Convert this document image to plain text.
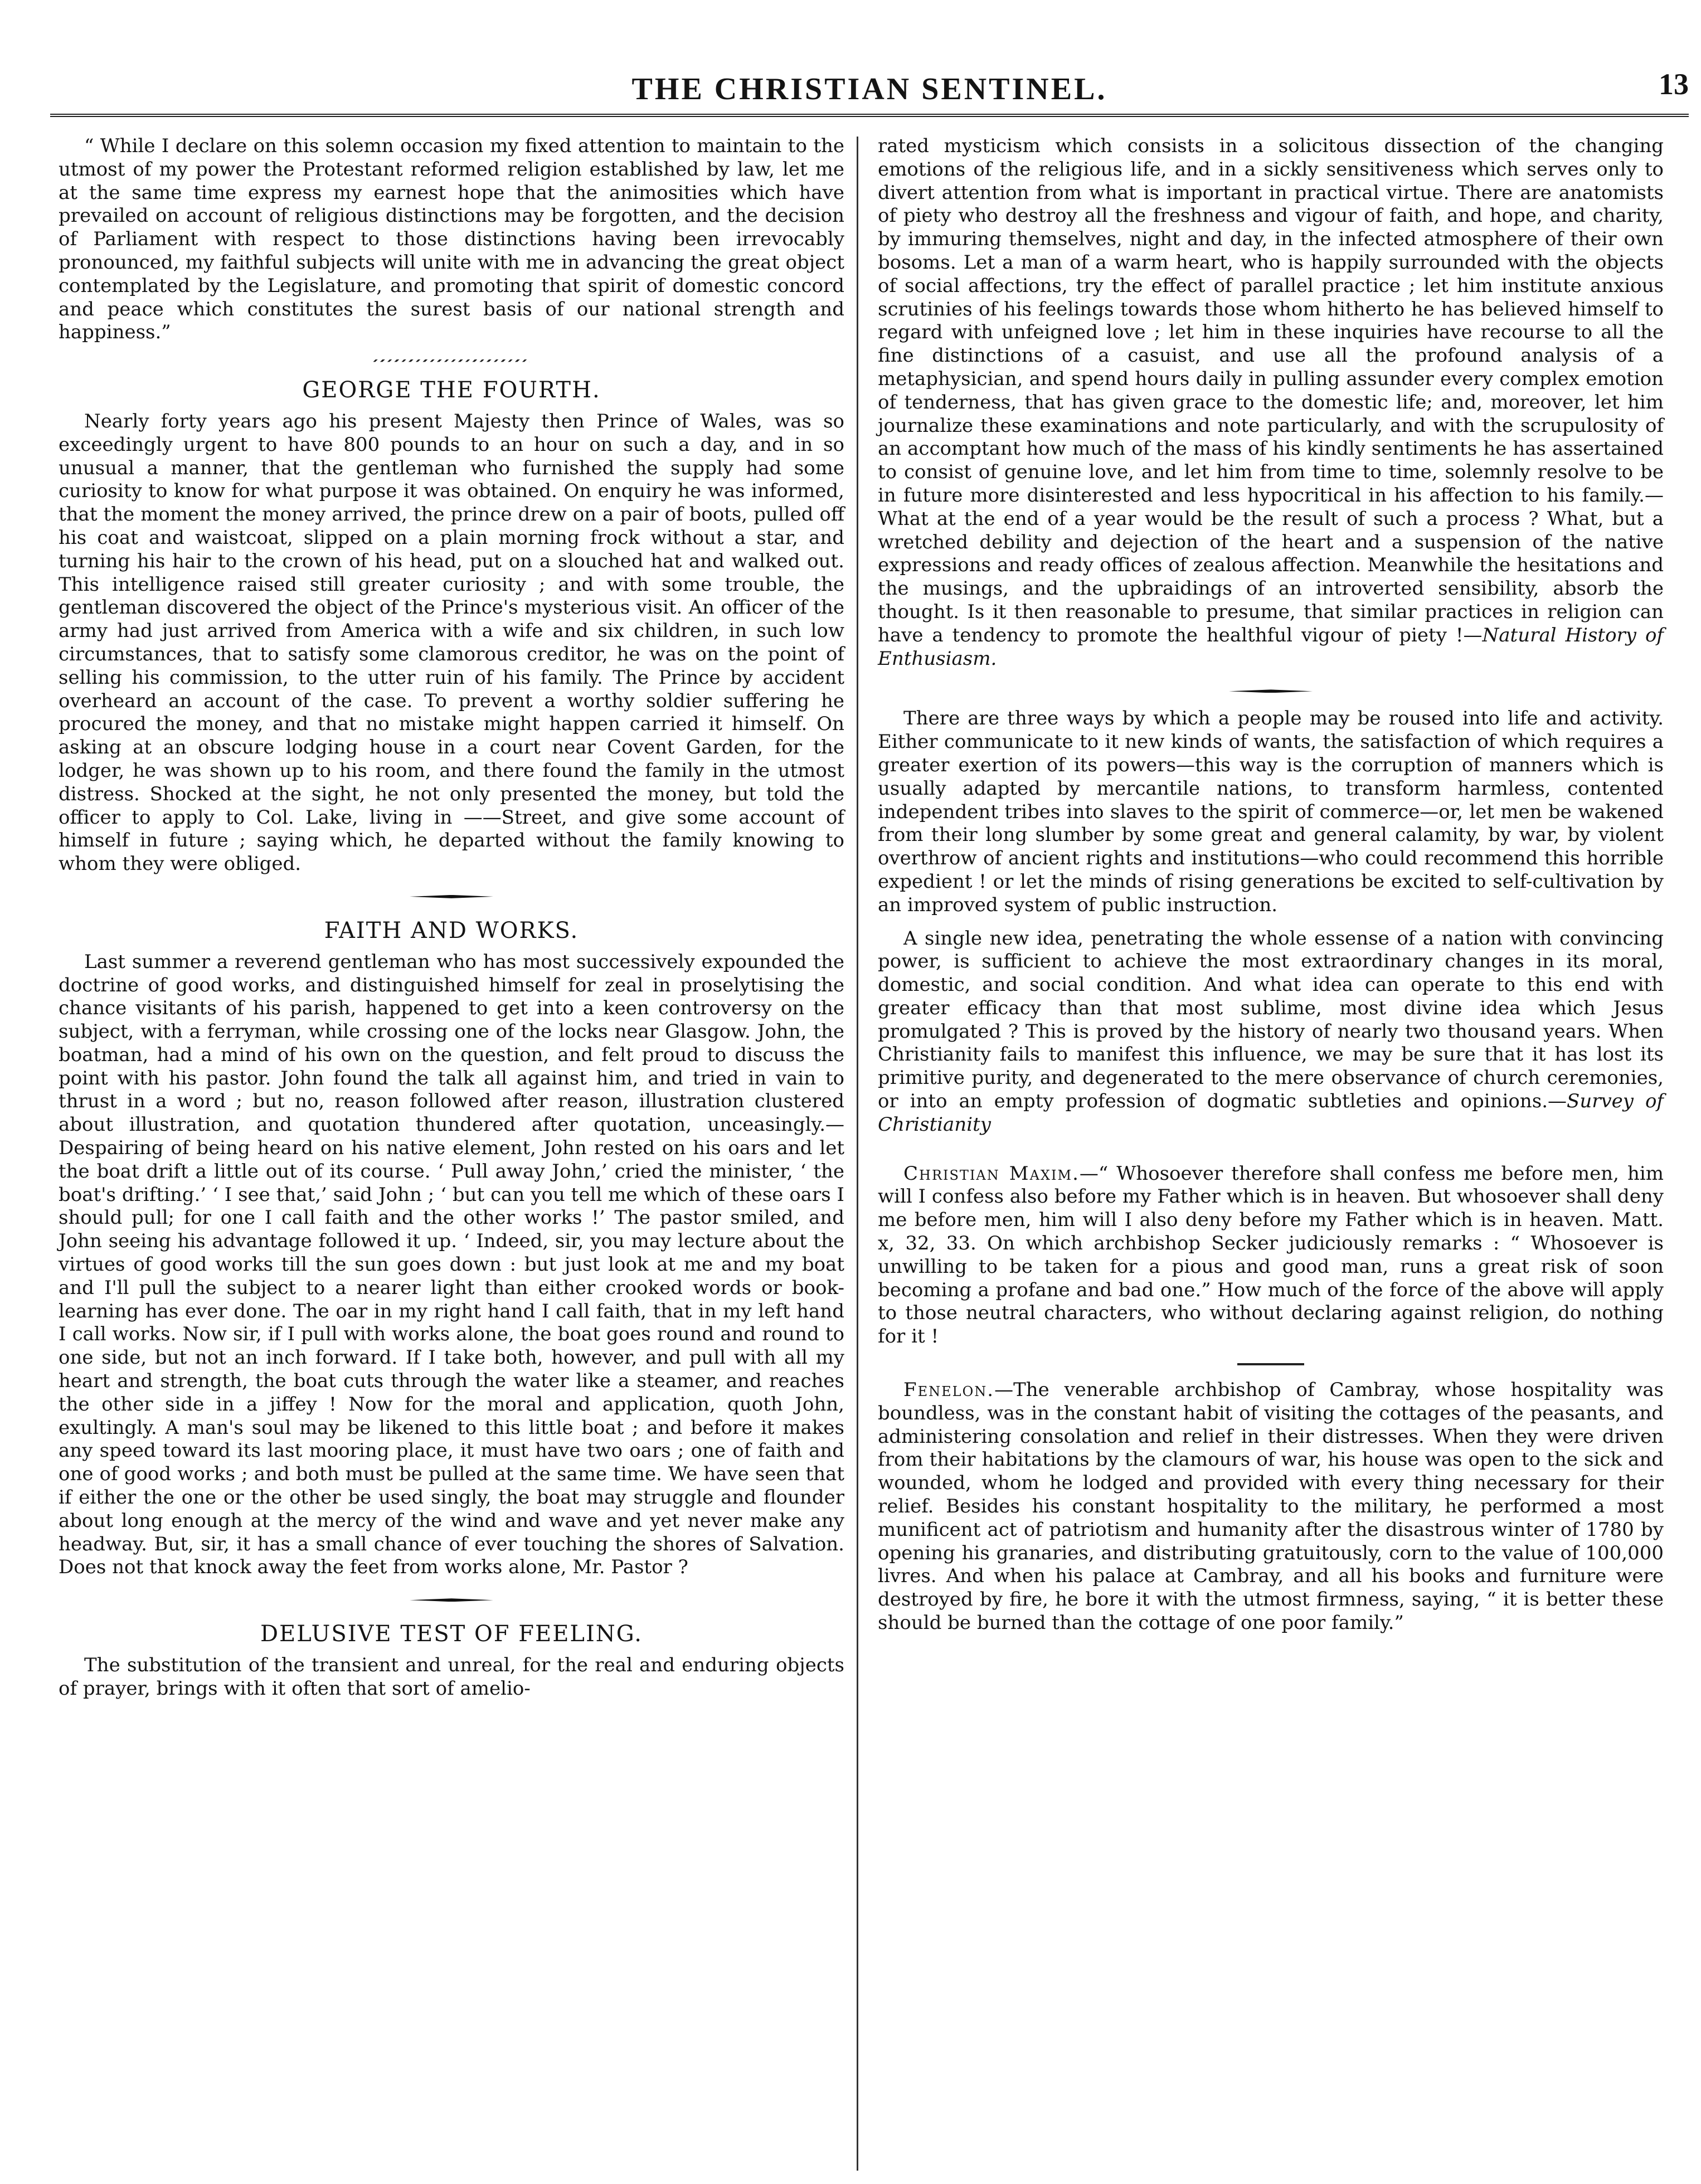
THE CHRISTIAN SENTINEL.	13

“ While I declare on this solemn occasion my fixed attention to maintain to the utmost of my power the Protestant reformed religion established by law, let me at the same time express my earnest hope that the animosities which have prevailed on account of religious distinctions may be forgotten, and the decision of Parliament with respect to those distinctions having been irrevocably pronounced, my faithful subjects will unite with me in advancing the great object contemplated by the Legislature, and promoting that spirit of domestic concord and peace which constitutes the surest basis of our national strength and happiness.”

GEORGE THE FOURTH.

Nearly forty years ago his present Majesty then Prince of Wales, was so exceedingly urgent to have 800 pounds to an hour on such a day, and in so unusual a manner, that the gentleman who furnished the supply had some curiosity to know for what purpose it was obtained. On enquiry he was informed, that the moment the money arrived, the prince drew on a pair of boots, pulled off his coat and waistcoat, slipped on a plain morning frock without a star, and turning his hair to the crown of his head, put on a slouched hat and walked out. This intelligence raised still greater curiosity ; and with some trouble, the gentleman discovered the object of the Prince's mysterious visit. An officer of the army had just arrived from America with a wife and six children, in such low circumstances, that to satisfy some clamorous creditor, he was on the point of selling his commission, to the utter ruin of his family. The Prince by accident overheard an account of the case. To prevent a worthy soldier suffering he procured the money, and that no mistake might happen carried it himself. On asking at an obscure lodging house in a court near Covent Garden, for the lodger, he was shown up to his room, and there found the family in the utmost distress. Shocked at the sight, he not only presented the money, but told the officer to apply to Col. Lake, living in ——Street, and give some account of himself in future ; saying which, he departed without the family knowing to whom they were obliged.

FAITH AND WORKS.

Last summer a reverend gentleman who has most successively expounded the doctrine of good works, and distinguished himself for zeal in proselytising the chance visitants of his parish, happened to get into a keen controversy on the subject, with a ferryman, while crossing one of the locks near Glasgow. John, the boatman, had a mind of his own on the question, and felt proud to discuss the point with his pastor. John found the talk all against him, and tried in vain to thrust in a word ; but no, reason followed after reason, illustration clustered about illustration, and quotation thundered after quotation, unceasingly.—Despairing of being heard on his native element, John rested on his oars and let the boat drift a little out of its course. ‘ Pull away John,’ cried the minister, ‘ the boat's drifting.’ ‘ I see that,’ said John ; ‘ but can you tell me which of these oars I should pull; for one I call faith and the other works !’ The pastor smiled, and John seeing his advantage followed it up. ‘ Indeed, sir, you may lecture about the virtues of good works till the sun goes down : but just look at me and my boat and I'll pull the subject to a nearer light than either crooked words or book-learning has ever done. The oar in my right hand I call faith, that in my left hand I call works. Now sir, if I pull with works alone, the boat goes round and round to one side, but not an inch forward. If I take both, however, and pull with all my heart and strength, the boat cuts through the water like a steamer, and reaches the other side in a jiffey ! Now for the moral and application, quoth John, exultingly. A man's soul may be likened to this little boat ; and before it makes any speed toward its last mooring place, it must have two oars ; one of faith and one of good works ; and both must be pulled at the same time. We have seen that if either the one or the other be used singly, the boat may struggle and flounder about long enough at the mercy of the wind and wave and yet never make any headway. But, sir, it has a small chance of ever touching the shores of Salvation. Does not that knock away the feet from works alone, Mr. Pastor ?

DELUSIVE TEST OF FEELING.

The substitution of the transient and unreal, for the real and enduring objects of prayer, brings with it often that sort of amelio-

rated mysticism which consists in a solicitous dissection of the changing emotions of the religious life, and in a sickly sensitiveness which serves only to divert attention from what is important in practical virtue. There are anatomists of piety who destroy all the freshness and vigour of faith, and hope, and charity, by immuring themselves, night and day, in the infected atmosphere of their own bosoms. Let a man of a warm heart, who is happily surrounded with the objects of social affections, try the effect of parallel practice ; let him institute anxious scrutinies of his feelings towards those whom hitherto he has believed himself to regard with unfeigned love ; let him in these inquiries have recourse to all the fine distinctions of a casuist, and use all the profound analysis of a metaphysician, and spend hours daily in pulling assunder every complex emotion of tenderness, that has given grace to the domestic life; and, moreover, let him journalize these examinations and note particularly, and with the scrupulosity of an accomptant how much of the mass of his kindly sentiments he has assertained to consist of genuine love, and let him from time to time, solemnly resolve to be in future more disinterested and less hypocritical in his affection to his family.—What at the end of a year would be the result of such a process ? What, but a wretched debility and dejection of the heart and a suspension of the native expressions and ready offices of zealous affection. Meanwhile the hesitations and the musings, and the upbraidings of an introverted sensibility, absorb the thought. Is it then reasonable to presume, that similar practices in religion can have a tendency to promote the healthful vigour of piety !—Natural History of Enthusiasm.

There are three ways by which a people may be roused into life and activity. Either communicate to it new kinds of wants, the satisfaction of which requires a greater exertion of its powers—this way is the corruption of manners which is usually adapted by mercantile nations, to transform harmless, contented independent tribes into slaves to the spirit of commerce—or, let men be wakened from their long slumber by some great and general calamity, by war, by violent overthrow of ancient rights and institutions—who could recommend this horrible expedient ! or let the minds of rising generations be excited to self-cultivation by an improved system of public instruction.

A single new idea, penetrating the whole essense of a nation with convincing power, is sufficient to achieve the most extraordinary changes in its moral, domestic, and social condition. And what idea can operate to this end with greater efficacy than that most sublime, most divine idea which Jesus promulgated ? This is proved by the history of nearly two thousand years. When Christianity fails to manifest this influence, we may be sure that it has lost its primitive purity, and degenerated to the mere observance of church ceremonies, or into an empty profession of dogmatic subtleties and opinions.—Survey of Christianity

Christian Maxim.—“ Whosoever therefore shall confess me before men, him will I confess also before my Father which is in heaven. But whosoever shall deny me before men, him will I also deny before my Father which is in heaven. Matt. x, 32, 33. On which archbishop Secker judiciously remarks : “ Whosoever is unwilling to be taken for a pious and good man, runs a great risk of soon becoming a profane and bad one.” How much of the force of the above will apply to those neutral characters, who without declaring against religion, do nothing for it !

Fenelon.—The venerable archbishop of Cambray, whose hospitality was boundless, was in the constant habit of visiting the cottages of the peasants, and administering consolation and relief in their distresses. When they were driven from their habitations by the clamours of war, his house was open to the sick and wounded, whom he lodged and provided with every thing necessary for their relief. Besides his constant hospitality to the military, he performed a most munificent act of patriotism and humanity after the disastrous winter of 1780 by opening his granaries, and distributing gratuitously, corn to the value of 100,000 livres. And when his palace at Cambray, and all his books and furniture were destroyed by fire, he bore it with the utmost firmness, saying, “ it is better these should be burned than the cottage of one poor family.”
